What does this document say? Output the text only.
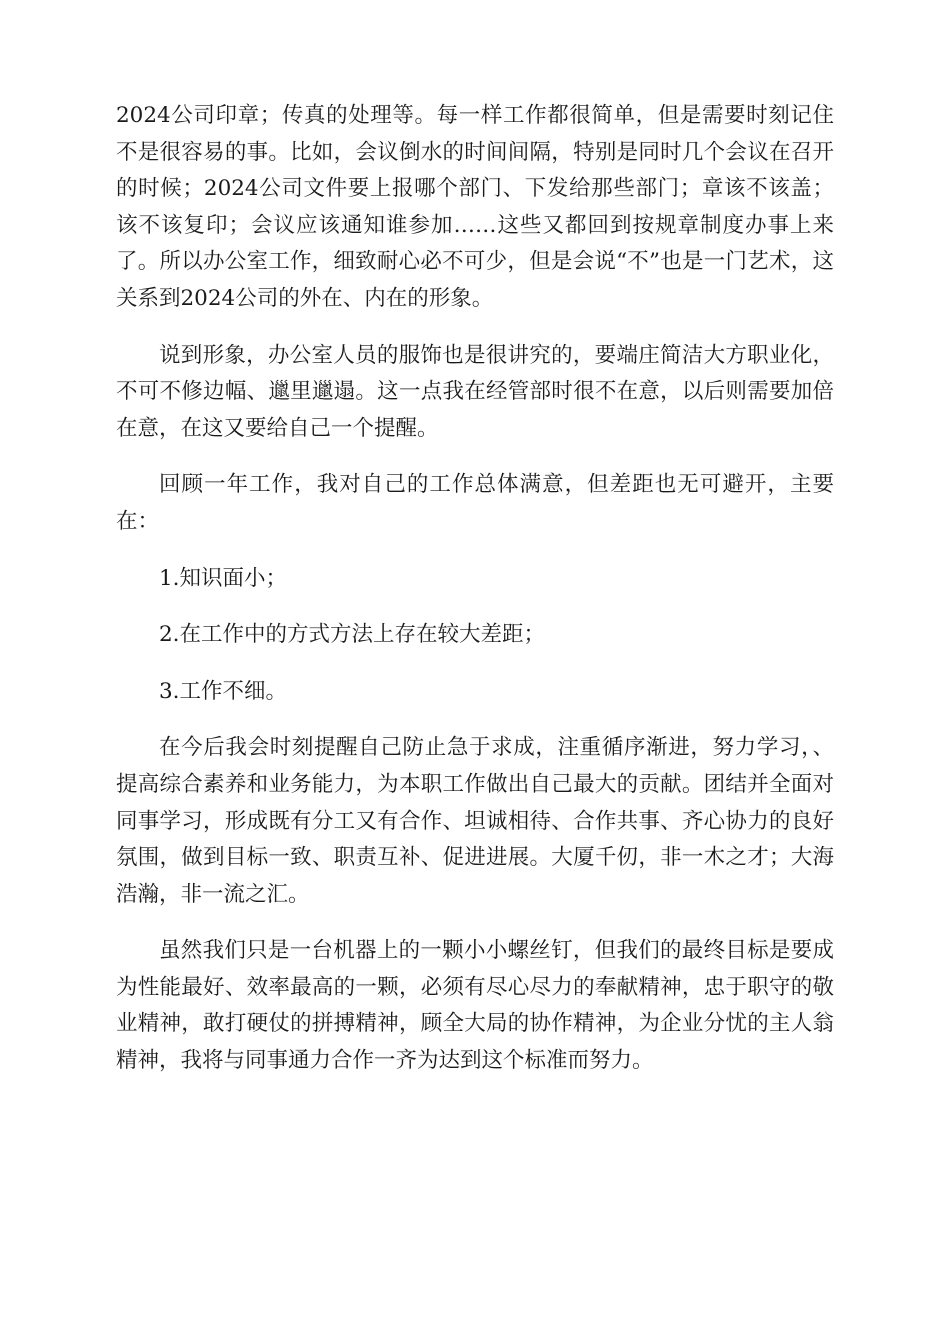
2024公司印章；传真的处理等。每一样工作都很简单，但是需要时刻记住不是很容易的事。比如，会议倒水的时间间隔，特别是同时几个会议在召开的时候；2024公司文件要上报哪个部门、下发给那些部门；章该不该盖；该不该复印；会议应该通知谁参加……这些又都回到按规章制度办事上来了。所以办公室工作，细致耐心必不可少，但是会说“不”也是一门艺术，这关系到2024公司的外在、内在的形象。

说到形象，办公室人员的服饰也是很讲究的，要端庄简洁大方职业化，不可不修边幅、邋里邋遢。这一点我在经管部时很不在意，以后则需要加倍在意，在这又要给自己一个提醒。

回顾一年工作，我对自己的工作总体满意，但差距也无可避开，主要在：

1.知识面小；

2.在工作中的方式方法上存在较大差距；

3.工作不细。

在今后我会时刻提醒自己防止急于求成，注重循序渐进，努力学习，、提高综合素养和业务能力，为本职工作做出自己最大的贡献。团结并全面对同事学习，形成既有分工又有合作、坦诚相待、合作共事、齐心协力的良好氛围，做到目标一致、职责互补、促进进展。大厦千仞，非一木之才；大海浩瀚，非一流之汇。

虽然我们只是一台机器上的一颗小小螺丝钉，但我们的最终目标是要成为性能最好、效率最高的一颗，必须有尽心尽力的奉献精神，忠于职守的敬业精神，敢打硬仗的拼搏精神，顾全大局的协作精神，为企业分忧的主人翁精神，我将与同事通力合作一齐为达到这个标准而努力。
